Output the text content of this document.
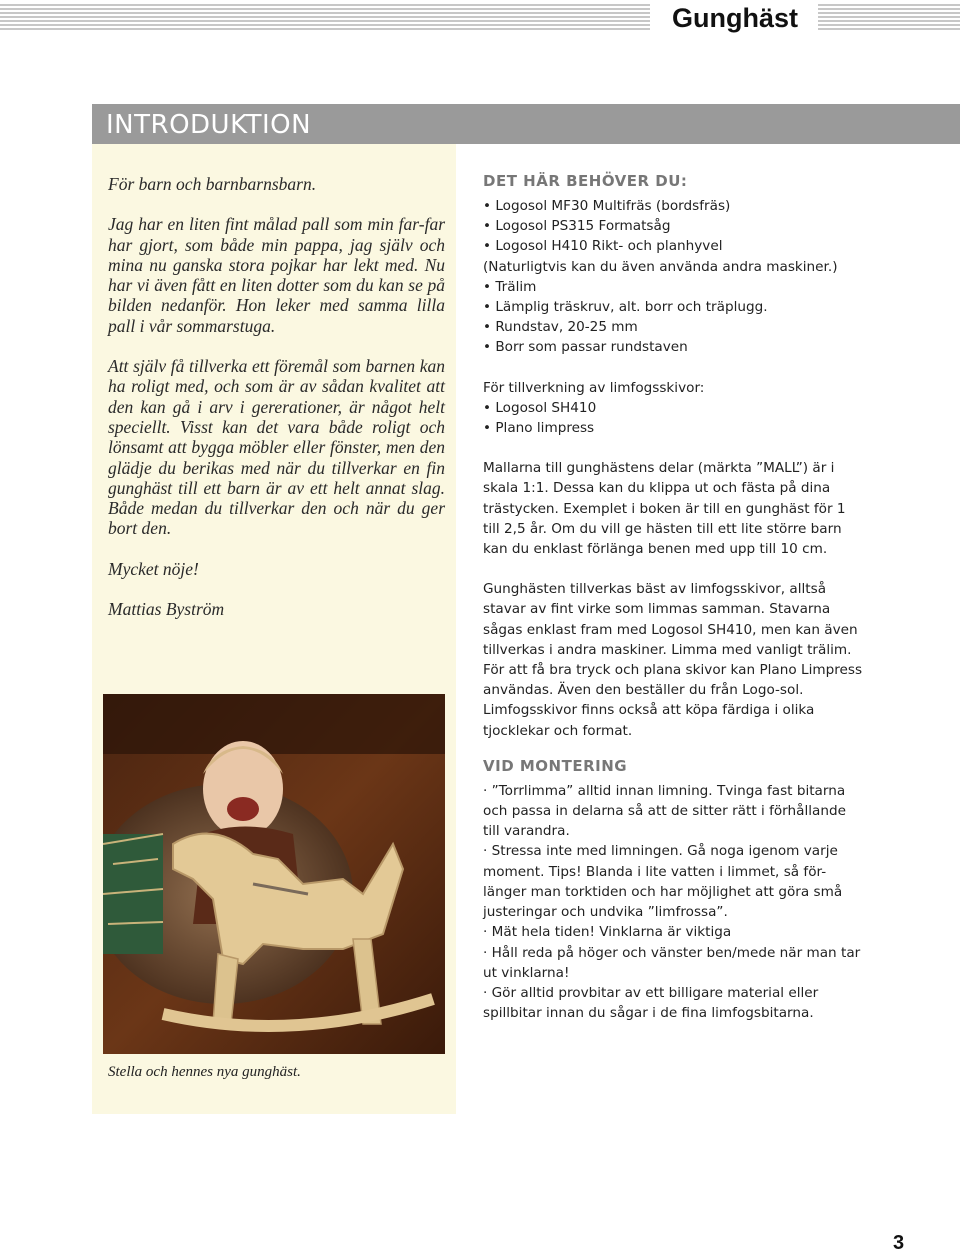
Gunghäst
INTRODUKTION

För barn och barnbarnsbarn.

Jag har en liten fint målad pall som min far-far har gjort, som både min pappa, jag själv och mina nu ganska stora pojkar har lekt med. Nu har vi även fått en liten dotter som du kan se på bilden nedanför. Hon leker med samma lilla pall i vår sommarstuga.

Att själv få tillverka ett föremål som barnen kan ha roligt med, och som är av sådan kvalitet att den kan gå i arv i gererationer, är något helt speciellt. Visst kan det vara både roligt och lönsamt att bygga möbler eller fönster, men den glädje du berikas med när du tillverkar en fin gunghäst till ett barn är av ett helt annat slag. Både medan du tillverkar den och när du ger bort den.

Mycket nöje!

Mattias Byström

Stella och hennes nya gunghäst.
DET HÄR BEHÖVER DU:
• Logosol MF30 Multifräs (bordsfräs)
• Logosol PS315 Formatsåg
• Logosol H410 Rikt- och planhyvel
(Naturligtvis kan du även använda andra maskiner.)
• Trälim
• Lämplig träskruv, alt. borr och träplugg.
• Rundstav, 20-25 mm
• Borr som passar rundstaven

För tillverkning av limfogsskivor:

• Logosol SH410
• Plano limpress

Mallarna till gunghästens delar (märkta ”MALL”) är i skala 1:1. Dessa kan du klippa ut och fästa på dina trästycken. Exemplet i boken är till en gunghäst för 1 till 2,5 år. Om du vill ge hästen till ett lite större barn kan du enklast förlänga benen med upp till 10 cm.

Gunghästen tillverkas bäst av limfogsskivor, alltså stavar av fint virke som limmas samman. Stavarna sågas enklast fram med Logosol SH410, men kan även tillverkas i andra maskiner. Limma med vanligt trälim. För att få bra tryck och plana skivor kan Plano Limpress användas. Även den beställer du från Logo-sol. Limfogsskivor finns också att köpa färdiga i olika tjocklekar och format.

VID MONTERING

· ”Torrlimma” alltid innan limning. Tvinga fast bitarna och passa in delarna så att de sitter rätt i förhållande till varandra.

· Stressa inte med limningen. Gå noga igenom varje moment. Tips! Blanda i lite vatten i limmet, så för-länger man torktiden och har möjlighet att göra små justeringar och undvika ”limfrossa”.

· Mät hela tiden! Vinklarna är viktiga

· Håll reda på höger och vänster ben/mede när man tar ut vinklarna!

· Gör alltid provbitar av ett billigare material eller spillbitar innan du sågar i de fina limfogsbitarna.

3
